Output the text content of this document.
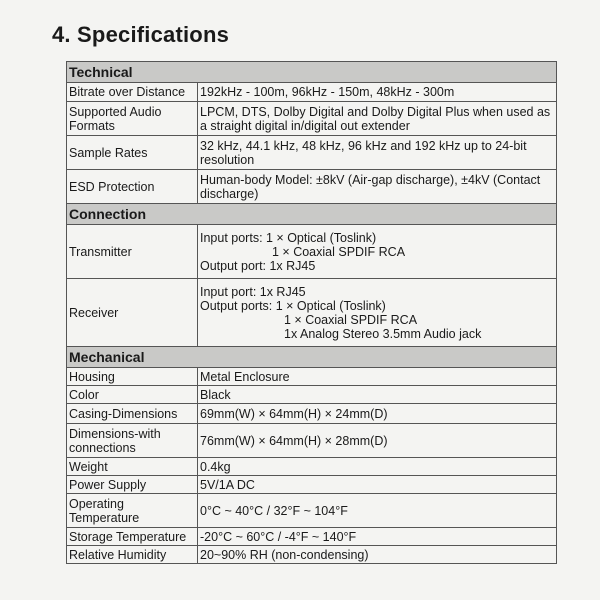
4. Specifications
Technical	
Bitrate over Distance	192kHz - 100m, 96kHz - 150m, 48kHz - 300m
Supported Audio Formats	LPCM, DTS, Dolby Digital and Dolby Digital Plus when used as a straight digital in/digital out extender
Sample Rates	32 kHz, 44.1 kHz, 48 kHz, 96 kHz and 192 kHz up to 24-bit resolution
ESD Protection	Human-body Model: ±8kV (Air-gap discharge), ±4kV (Contact discharge)
Connection	
Transmitter	Input ports: 1 × Optical (Toslink)
1 × Coaxial SPDIF RCA
Output port: 1x RJ45

Receiver	Input port: 1x RJ45
Output ports: 1 × Optical (Toslink)
1 × Coaxial SPDIF RCA
1x Analog Stereo 3.5mm Audio jack

Mechanical	
Housing	Metal Enclosure
Color	Black
Casing-Dimensions	69mm(W) × 64mm(H) × 24mm(D)
Dimensions-with connections	76mm(W) × 64mm(H) × 28mm(D)
Weight	0.4kg
Power Supply	5V/1A DC
Operating Temperature	0°C ~ 40°C / 32°F ~ 104°F
Storage Temperature	-20°C ~ 60°C / -4°F ~ 140°F
Relative Humidity	20~90% RH (non-condensing)
